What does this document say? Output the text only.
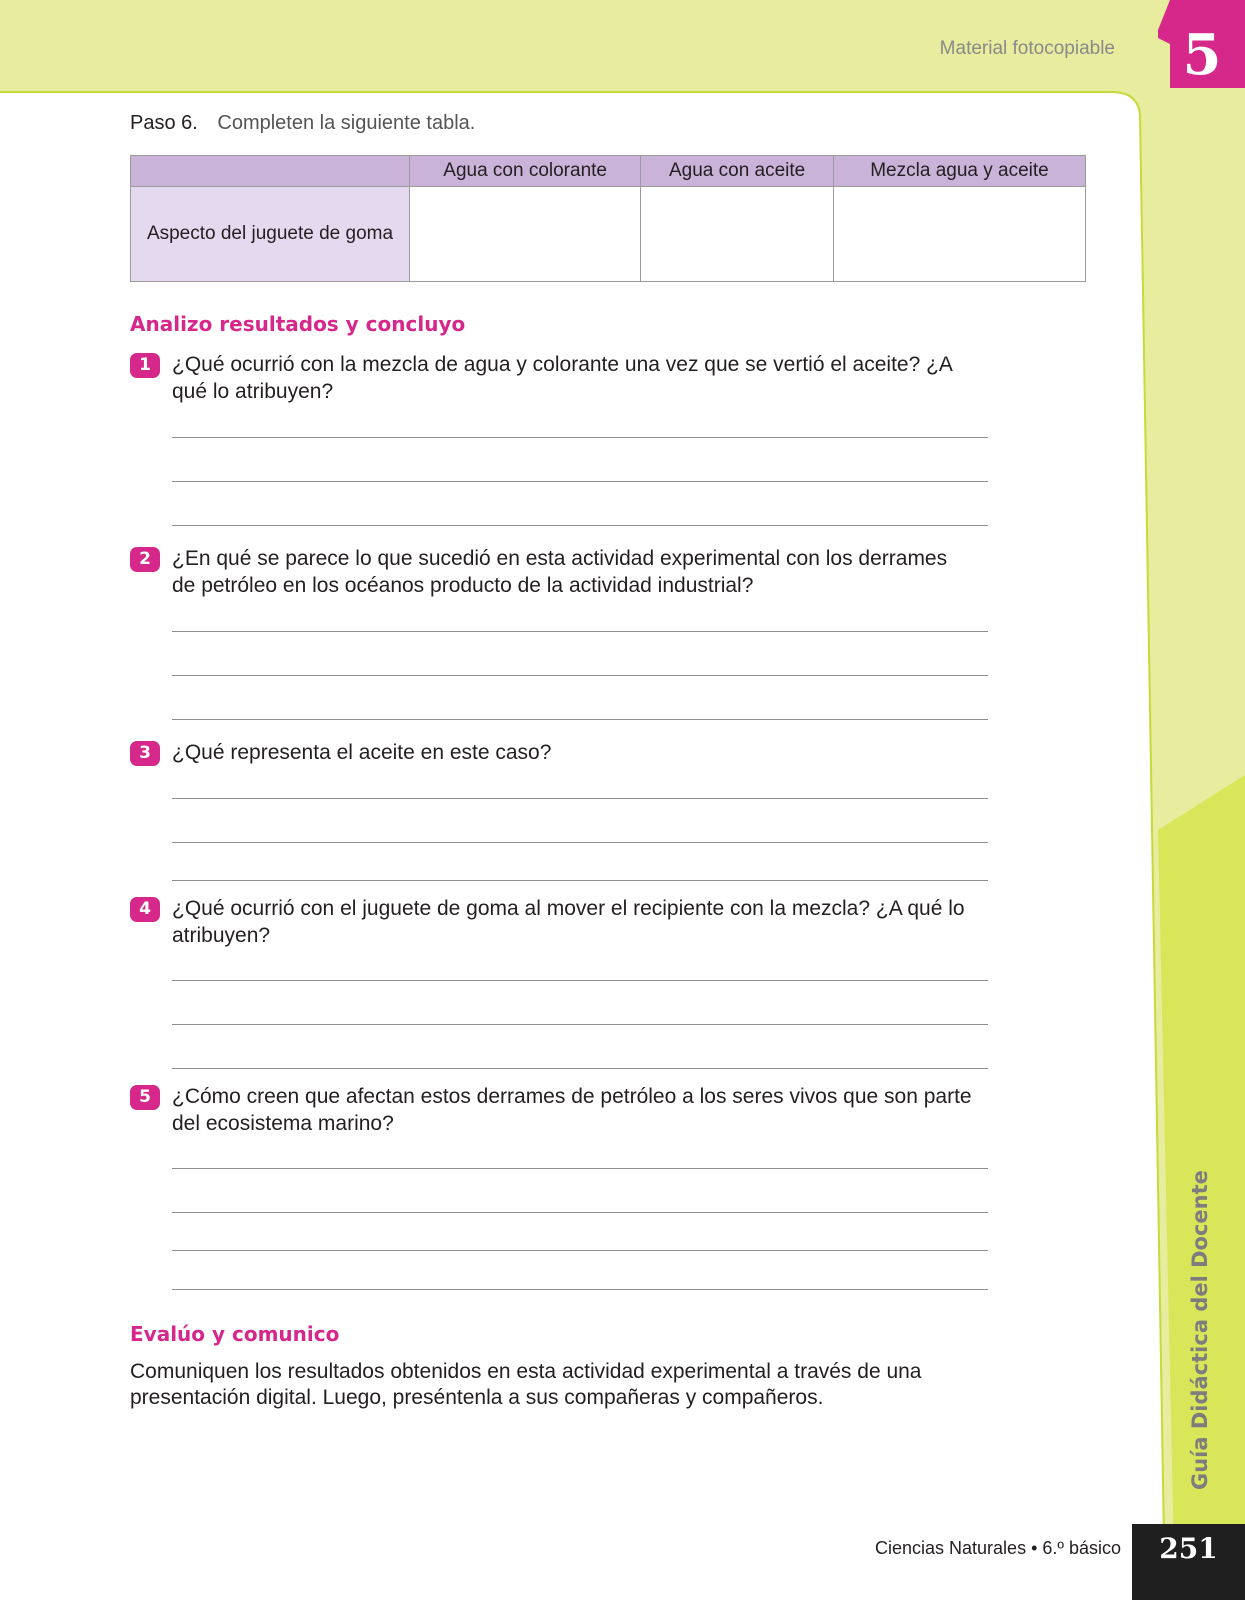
Material fotocopiable 5
Paso 6. Completen la siguiente tabla.
	Agua con colorante	Agua con aceite	Mezcla agua y aceite
Aspecto del juguete de goma			
Analizo resultados y concluyo
1	¿Qué ocurrió con la mezcla de agua y colorante una vez que se vertió el aceite? ¿A qué lo atribuyen?
2	¿En qué se parece lo que sucedió en esta actividad experimental con los derrames de petróleo en los océanos producto de la actividad industrial?
3	¿Qué representa el aceite en este caso?
4	¿Qué ocurrió con el juguete de goma al mover el recipiente con la mezcla? ¿A qué lo atribuyen?
5	¿Cómo creen que afectan estos derrames de petróleo a los seres vivos que son parte del ecosistema marino?
Evalúo y comunico
Comuniquen los resultados obtenidos en esta actividad experimental a través de una presentación digital. Luego, preséntenla a sus compañeras y compañeros.	Guía Didáctica del Docente
Ciencias Naturales • 6.º básico	251
